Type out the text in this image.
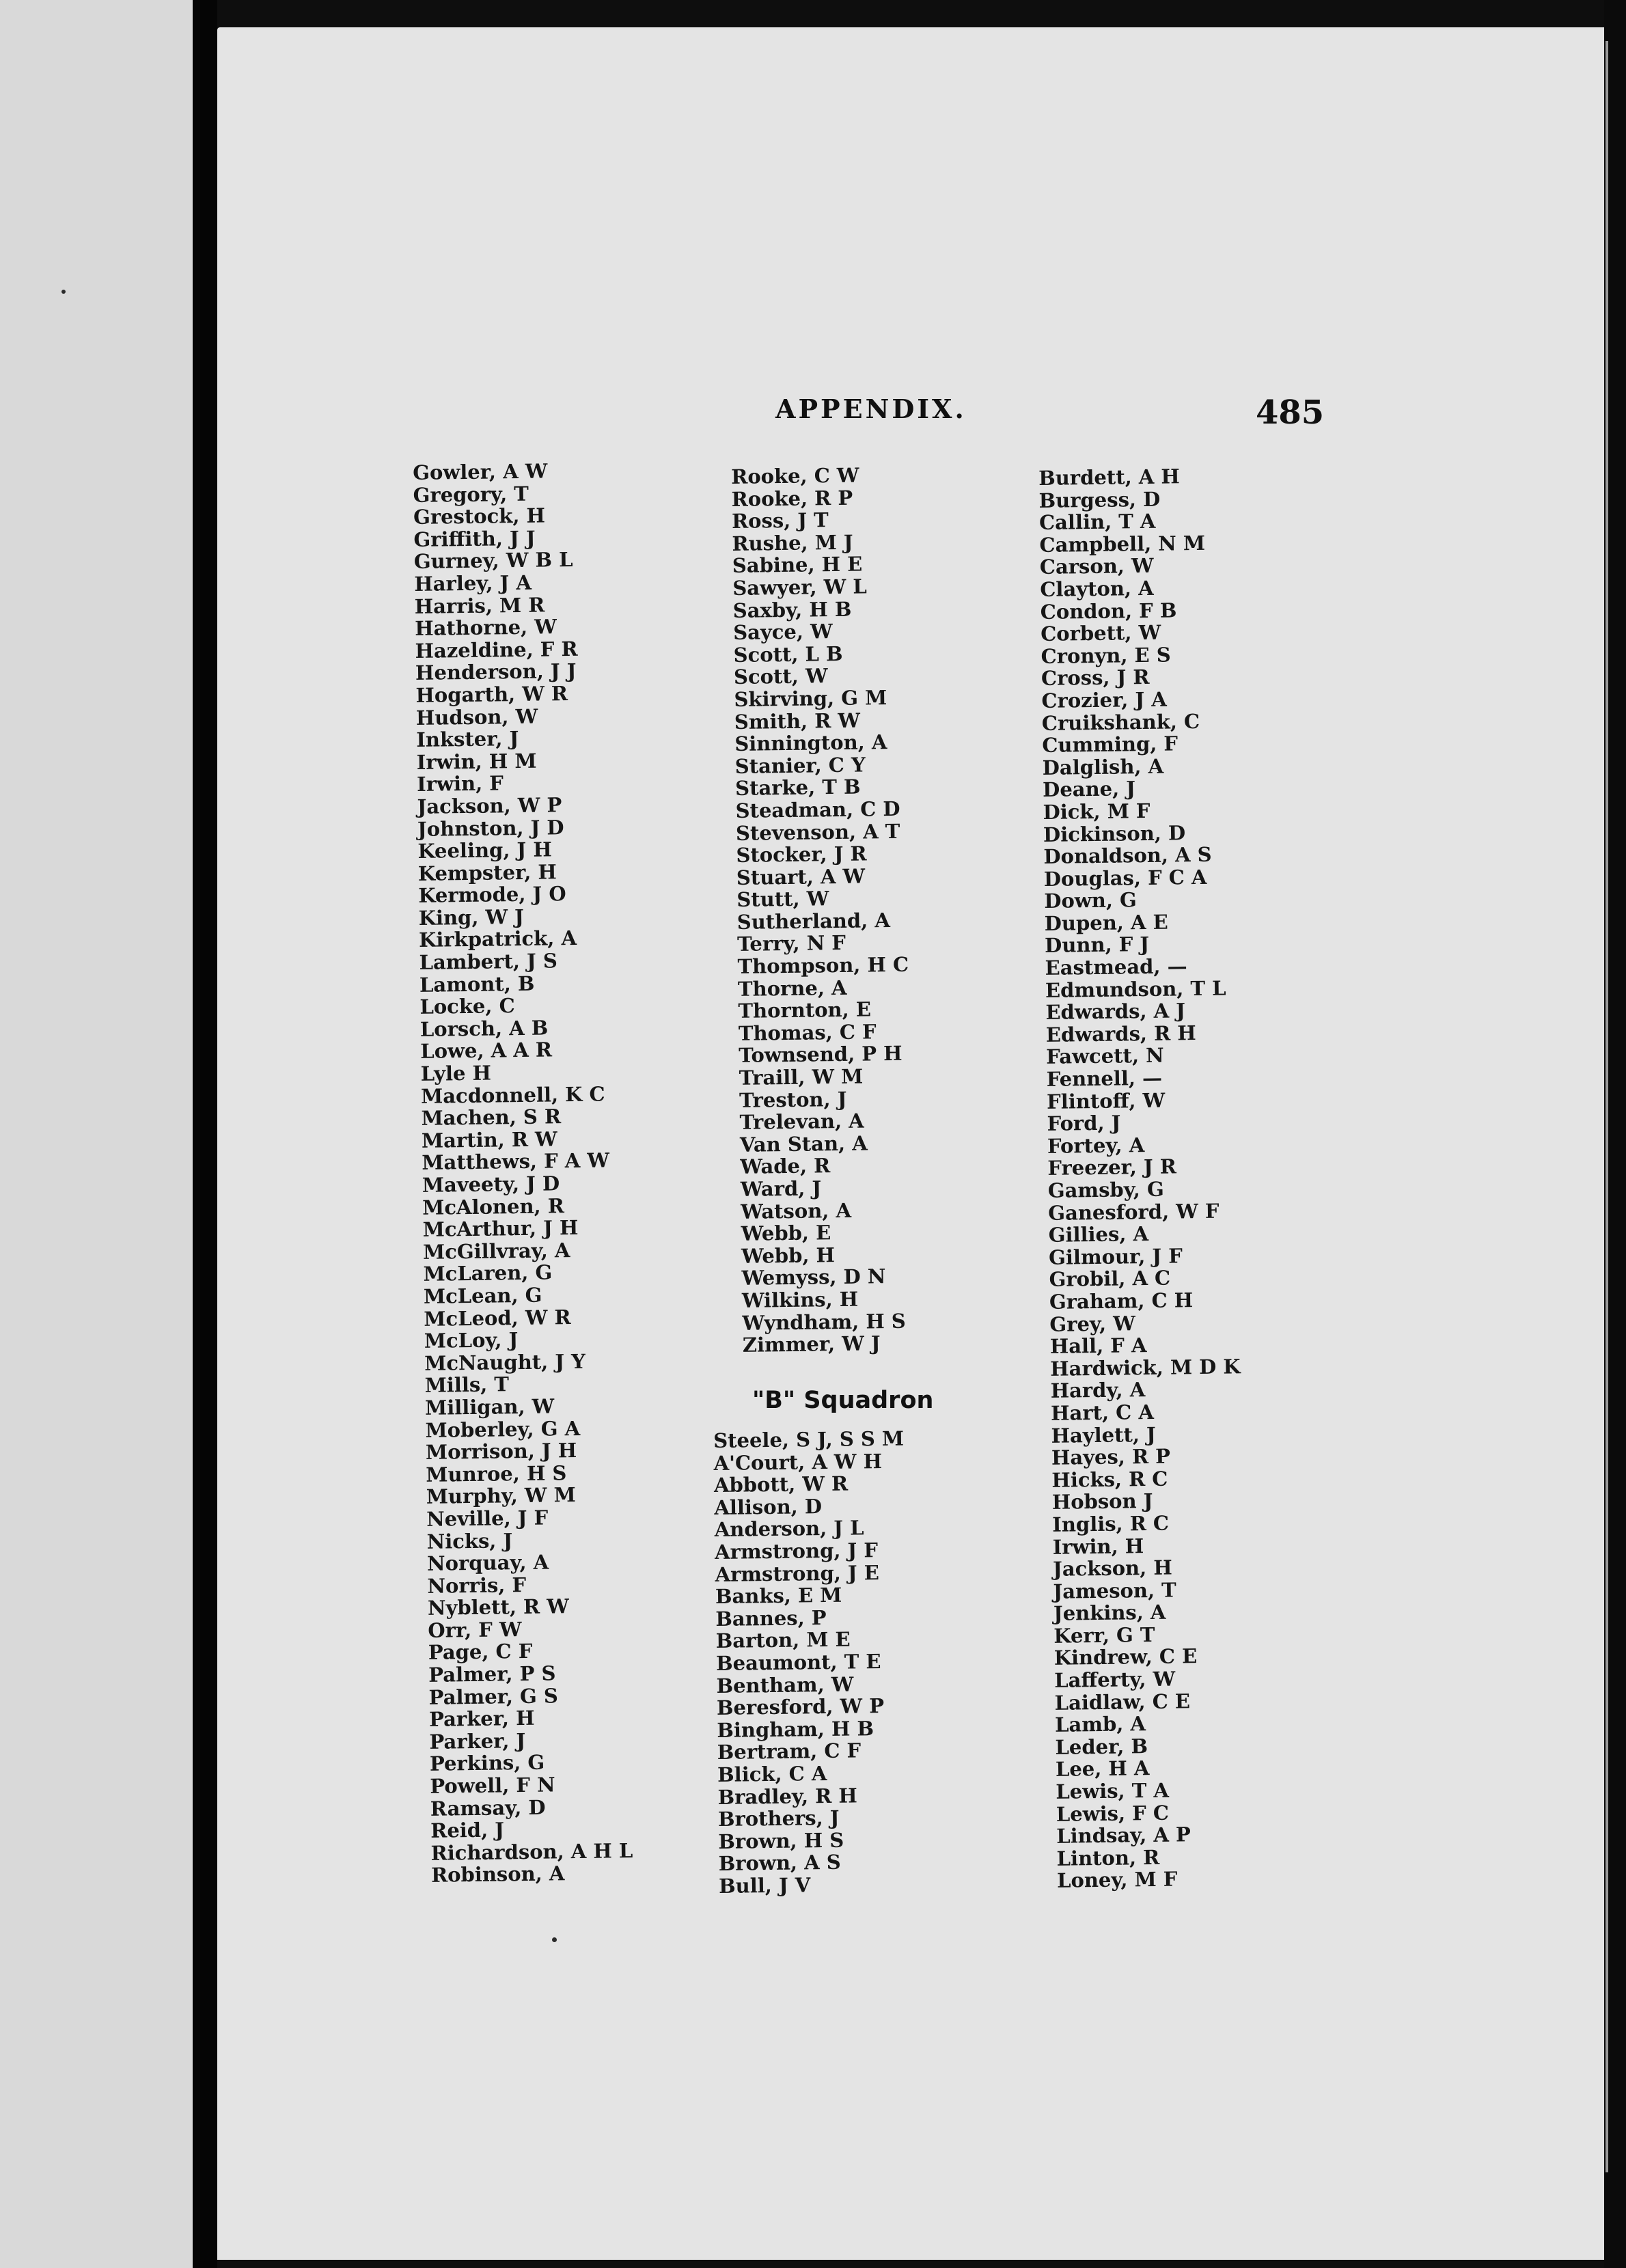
APPENDIX.	485
Gowler, A W
Gregory, T
Grestock, H
Griffith, J J
Gurney, W B L
Harley, J A
Harris, M R
Hathorne, W
Hazeldine, F R
Henderson, J J
Hogarth, W R
Hudson, W
Inkster, J
Irwin, H M
Irwin, F
Jackson, W P
Johnston, J D
Keeling, J H
Kempster, H
Kermode, J O
King, W J
Kirkpatrick, A
Lambert, J S
Lamont, B
Locke, C
Lorsch, A B
Lowe, A A R
Lyle H
Macdonnell, K C
Machen, S R
Martin, R W
Matthews, F A W
Maveety, J D
McAlonen, R
McArthur, J H
McGillvray, A
McLaren, G
McLean, G
McLeod, W R
McLoy, J
McNaught, J Y
Mills, T
Milligan, W
Moberley, G A
Morrison, J H
Munroe, H S
Murphy, W M
Neville, J F
Nicks, J
Norquay, A
Norris, F
Nyblett, R W
Orr, F W
Page, C F
Palmer, P S
Palmer, G S
Parker, H
Parker, J
Perkins, G
Powell, F N
Ramsay, D
Reid, J
Richardson, A H L
Robinson, A
Rooke, C W
Rooke, R P
Ross, J T
Rushe, M J
Sabine, H E
Sawyer, W L
Saxby, H B
Sayce, W
Scott, L B
Scott, W
Skirving, G M
Smith, R W
Sinnington, A
Stanier, C Y
Starke, T B
Steadman, C D
Stevenson, A T
Stocker, J R
Stuart, A W
Stutt, W
Sutherland, A
Terry, N F
Thompson, H C
Thorne, A
Thornton, E
Thomas, C F
Townsend, P H
Traill, W M
Treston, J
Trelevan, A
Van Stan, A
Wade, R
Ward, J
Watson, A
Webb, E
Webb, H
Wemyss, D N
Wilkins, H
Wyndham, H S
Zimmer, W J
"B" Squadron
Steele, S J, S S M
A'Court, A W H
Abbott, W R
Allison, D
Anderson, J L
Armstrong, J F
Armstrong, J E
Banks, E M
Bannes, P
Barton, M E
Beaumont, T E
Bentham, W
Beresford, W P
Bingham, H B
Bertram, C F
Blick, C A
Bradley, R H
Brothers, J
Brown, H S
Brown, A S
Bull, J V
Burdett, A H
Burgess, D
Callin, T A
Campbell, N M
Carson, W
Clayton, A
Condon, F B
Corbett, W
Cronyn, E S
Cross, J R
Crozier, J A
Cruikshank, C
Cumming, F
Dalglish, A
Deane, J
Dick, M F
Dickinson, D
Donaldson, A S
Douglas, F C A
Down, G
Dupen, A E
Dunn, F J
Eastmead, —
Edmundson, T L
Edwards, A J
Edwards, R H
Fawcett, N
Fennell, —
Flintoff, W
Ford, J
Fortey, A
Freezer, J R
Gamsby, G
Ganesford, W F
Gillies, A
Gilmour, J F
Grobil, A C
Graham, C H
Grey, W
Hall, F A
Hardwick, M D K
Hardy, A
Hart, C A
Haylett, J
Hayes, R P
Hicks, R C
Hobson J
Inglis, R C
Irwin, H
Jackson, H
Jameson, T
Jenkins, A
Kerr, G T
Kindrew, C E
Lafferty, W
Laidlaw, C E
Lamb, A
Leder, B
Lee, H A
Lewis, T A
Lewis, F C
Lindsay, A P
Linton, R
Loney, M F
